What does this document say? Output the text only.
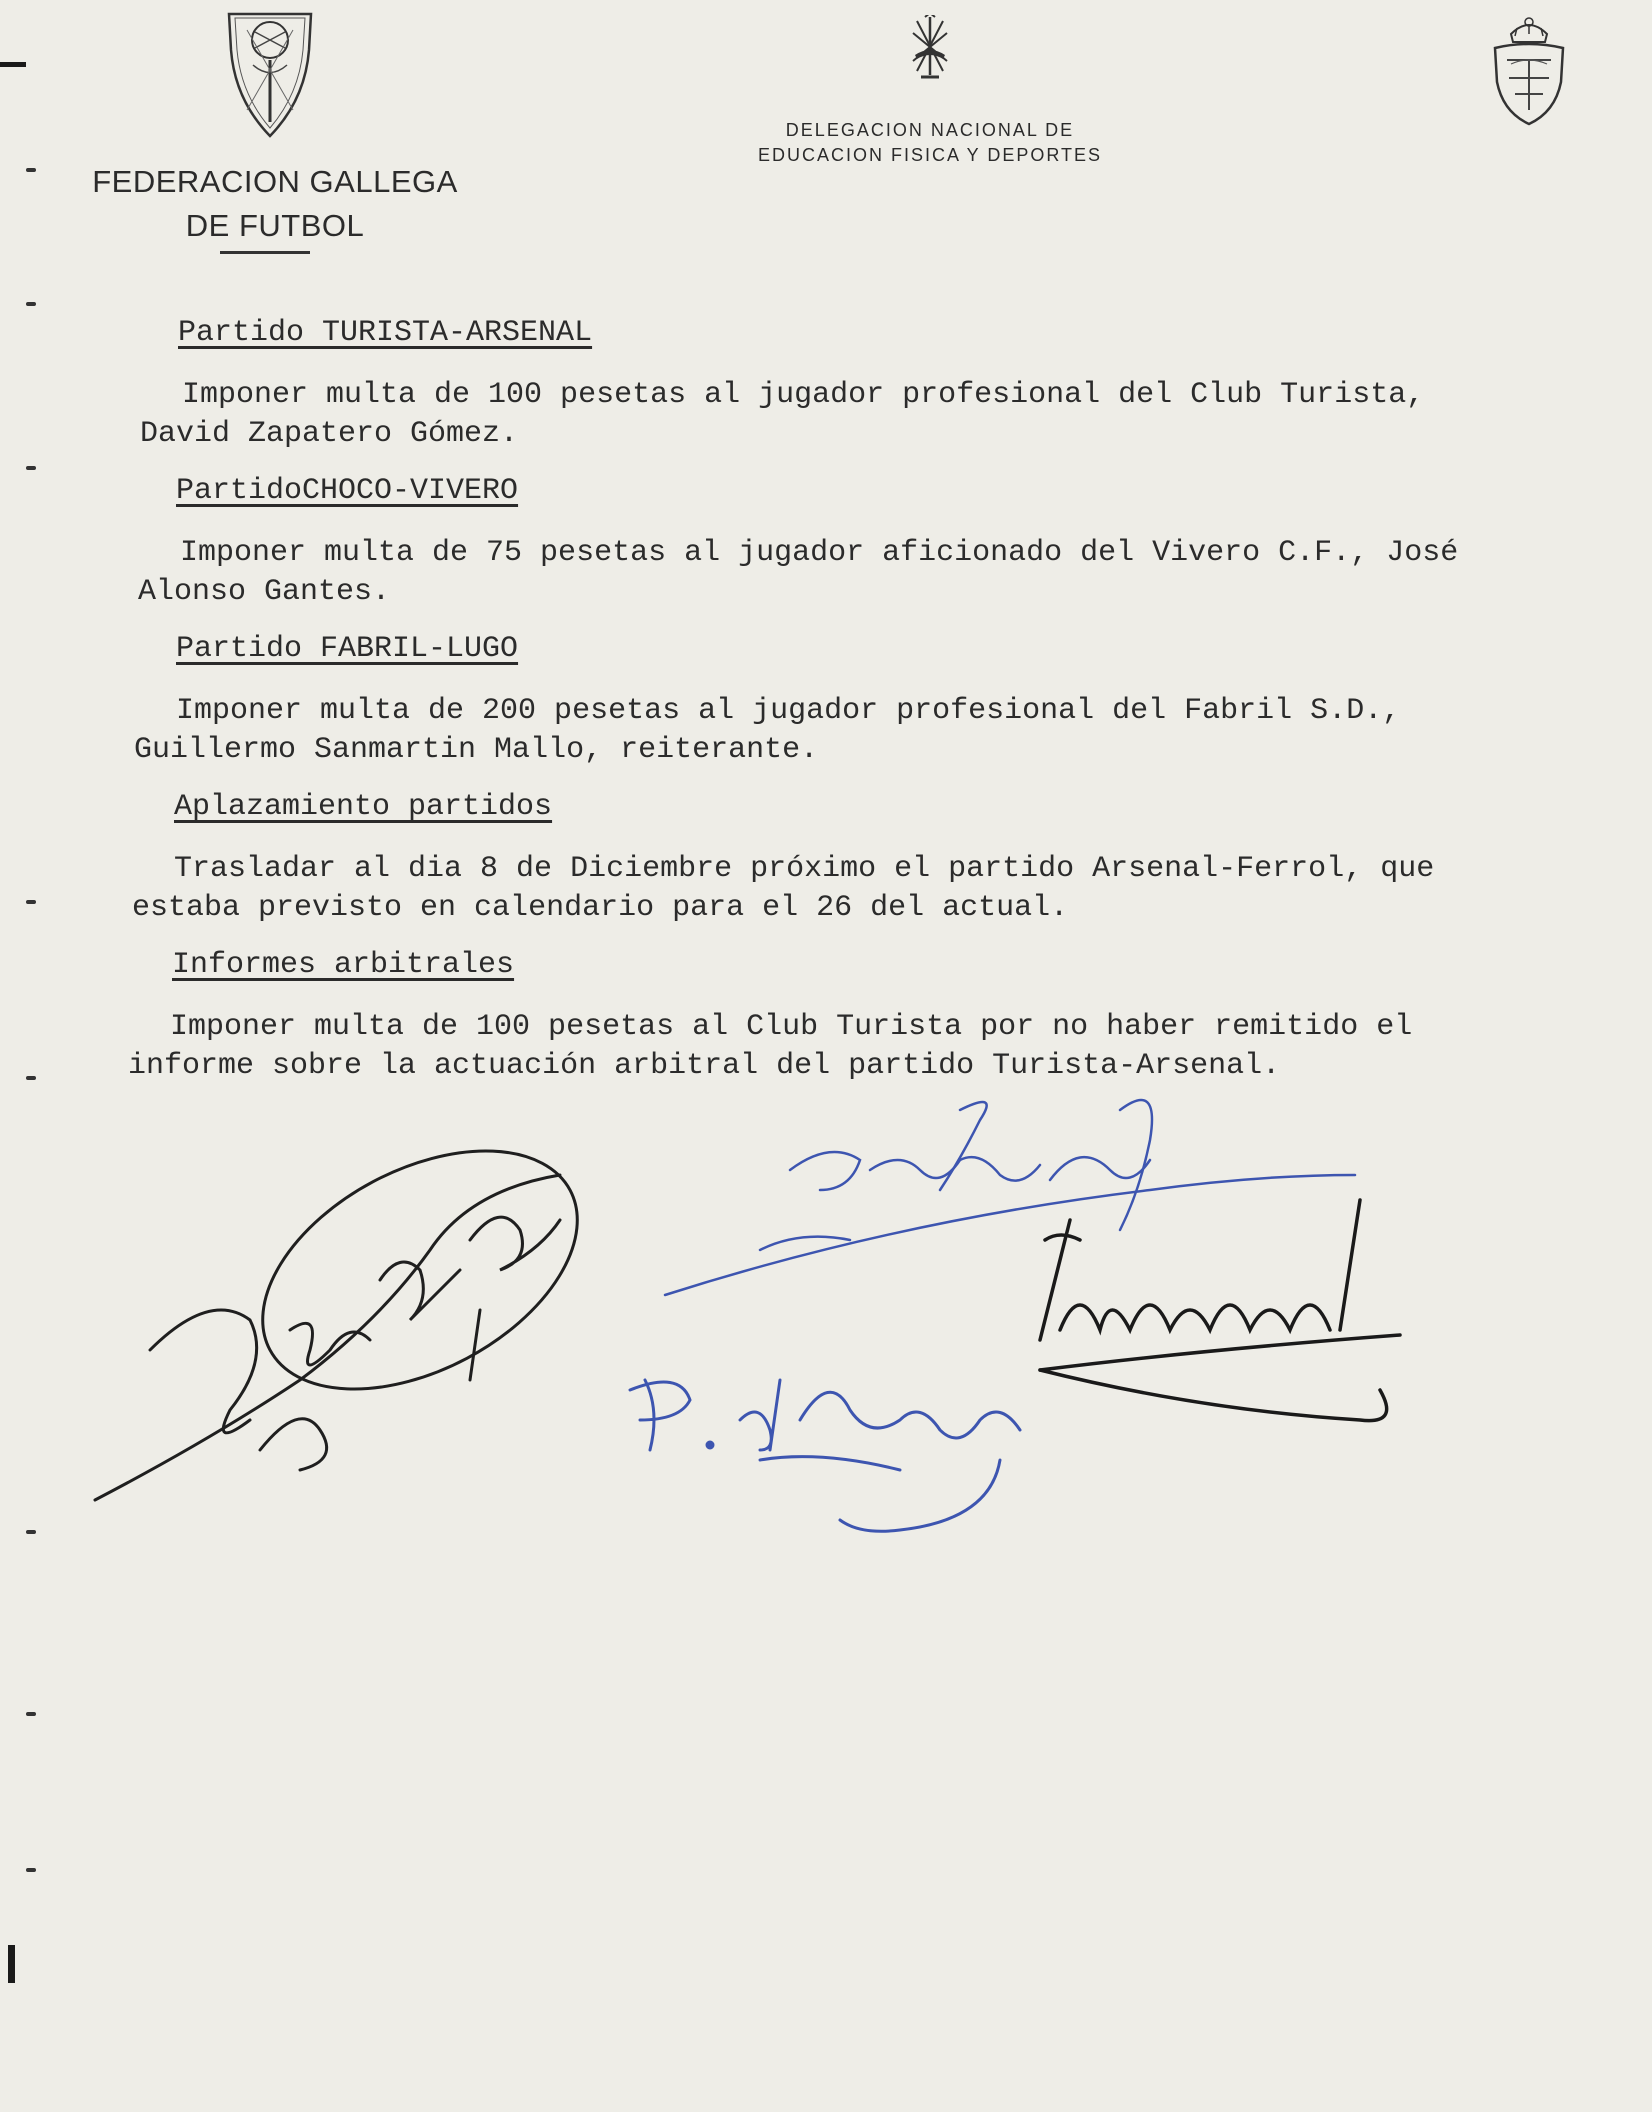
FEDERACION GALLEGA
DE FUTBOL
DELEGACION NACIONAL DE
EDUCACION FISICA Y DEPORTES
Partido TURISTA-ARSENAL
Imponer multa de 100 pesetas al jugador profesional del Club Turista,
David Zapatero Gómez.
PartidoCHOCO-VIVERO
Imponer multa de 75 pesetas al jugador aficionado del Vivero C.F., José
Alonso Gantes.
Partido FABRIL-LUGO
Imponer multa de 200 pesetas al jugador profesional del Fabril S.D.,
Guillermo Sanmartin Mallo, reiterante.
Aplazamiento partidos
Trasladar al dia 8 de Diciembre próximo el partido Arsenal-Ferrol, que
estaba previsto en calendario para el 26 del actual.
Informes arbitrales
Imponer multa de 100 pesetas al Club Turista por no haber remitido el
informe sobre la actuación arbitral del partido Turista-Arsenal.
